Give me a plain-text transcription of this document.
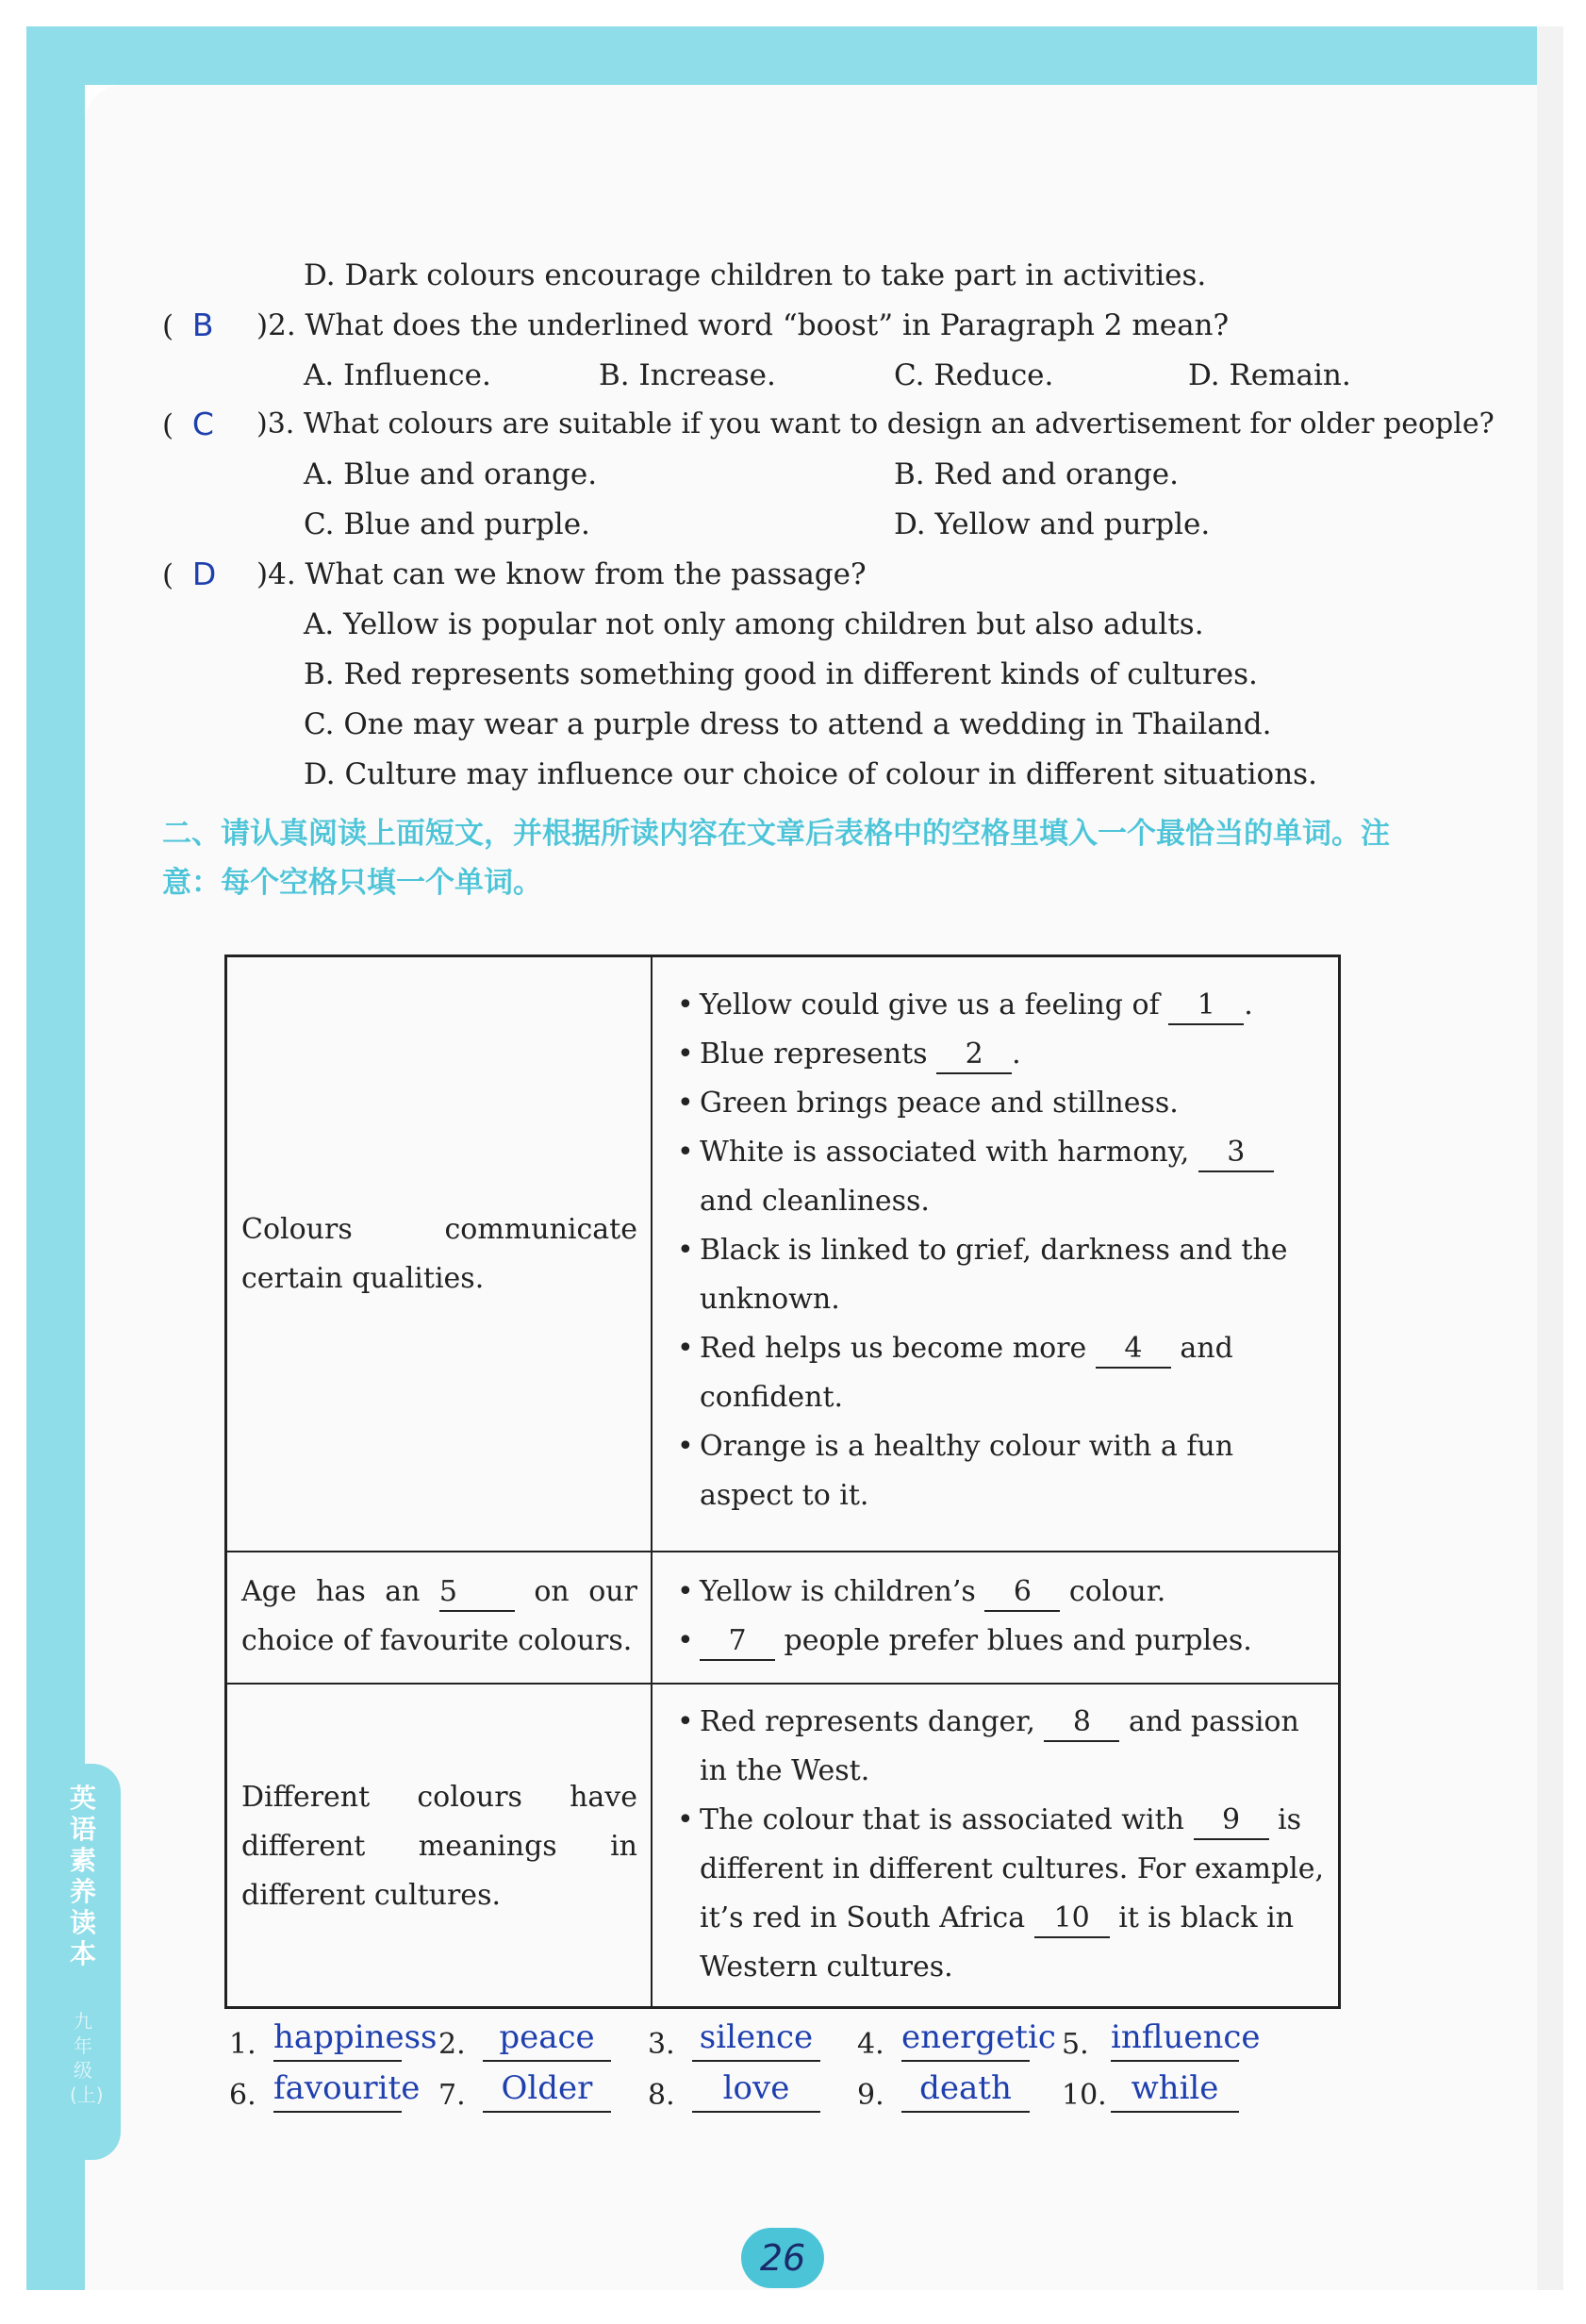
英语素养读本
九年级(上)
D. Dark colours encourage children to take part in activities.
(  B	)2. What does the underlined word “boost” in Paragraph 2 mean?
A. Influence.	B. Increase.	C. Reduce.	D. Remain.
(  C	)3. What colours are suitable if you want to design an advertisement for older people?
A. Blue and orange.	B. Red and orange.
C. Blue and purple.	D. Yellow and purple.
(  D	)4. What can we know from the passage?
A. Yellow is popular not only among children but also adults.
B. Red represents something good in different kinds of cultures.
C. One may wear a purple dress to attend a wedding in Thailand.
D. Culture may influence our choice of colour in different situations.
二、请认真阅读上面短文，并根据所读内容在文章后表格中的空格里填入一个最恰当的单词。注意：每个空格只填一个单词。
Colours communicate certain qualities.
• Yellow could give us a feeling of 1 .
• Blue represents 2 .
• Green brings peace and stillness.
• White is associated with harmony, 3 and cleanliness.
• Black is linked to grief, darkness and the unknown.
• Red helps us become more 4 and confident.
• Orange is a healthy colour with a fun aspect to it.
Age has an 5	on our choice of favourite colours.
• Yellow is children’s 6 colour.
• 7 people prefer blues and purples.
Different colours have different meanings in different cultures.
• Red represents danger, 8 and passion in the West.
• The colour that is associated with 9 is different in different cultures. For example, it’s red in South Africa 10 it is black in Western cultures.
1. happiness 2.	peace	3. silence 4. energetic 5. influence
6. favourite 7.	Older	8.	love	9.	death	10. while
26
